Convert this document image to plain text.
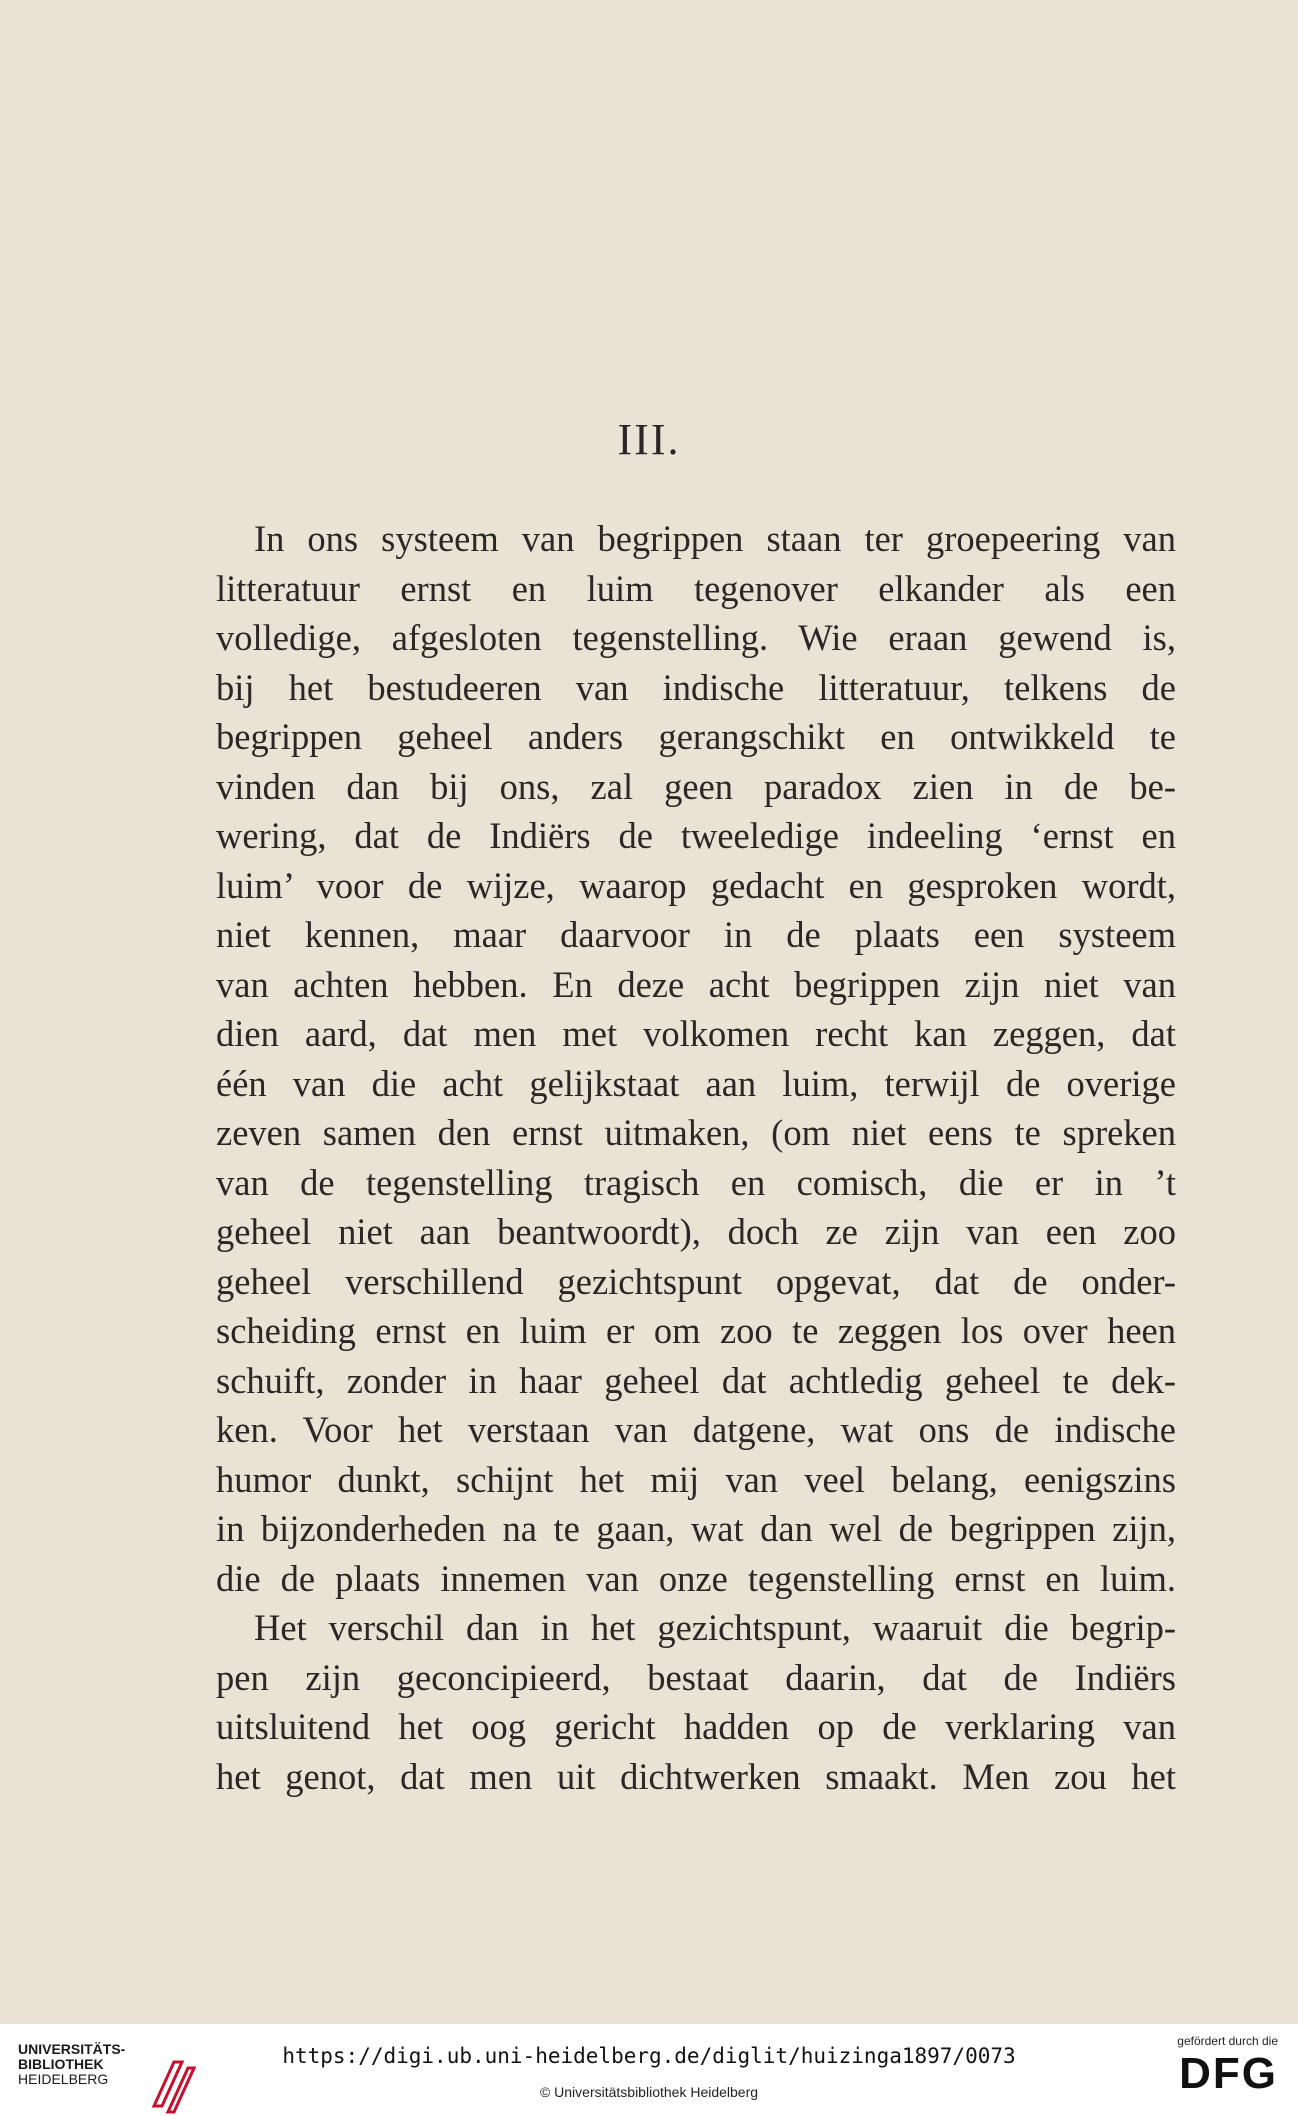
III.
In ons systeem van begrippen staan ter groepeering van
litteratuur ernst en luim tegenover elkander als een
volledige, afgesloten tegenstelling. Wie eraan gewend is,
bij het bestudeeren van indische litteratuur, telkens de
begrippen geheel anders gerangschikt en ontwikkeld te
vinden dan bij ons, zal geen paradox zien in de be-
wering, dat de Indiërs de tweeledige indeeling ‘ernst en
luim’ voor de wijze, waarop gedacht en gesproken wordt,
niet kennen, maar daarvoor in de plaats een systeem
van achten hebben. En deze acht begrippen zijn niet van
dien aard, dat men met volkomen recht kan zeggen, dat
één van die acht gelijkstaat aan luim, terwijl de overige
zeven samen den ernst uitmaken, (om niet eens te spreken
van de tegenstelling tragisch en comisch, die er in ’t
geheel niet aan beantwoordt), doch ze zijn van een zoo
geheel verschillend gezichtspunt opgevat, dat de onder-
scheiding ernst en luim er om zoo te zeggen los over heen
schuift, zonder in haar geheel dat achtledig geheel te dek-
ken. Voor het verstaan van datgene, wat ons de indische
humor dunkt, schijnt het mij van veel belang, eenigszins
in bijzonderheden na te gaan, wat dan wel de begrippen zijn,
die de plaats innemen van onze tegenstelling ernst en luim.
Het verschil dan in het gezichtspunt, waaruit die begrip-
pen zijn geconcipieerd, bestaat daarin, dat de Indiërs
uitsluitend het oog gericht hadden op de verklaring van
het genot, dat men uit dichtwerken smaakt. Men zou het
UNIVERSITÄTS-
BIBLIOTHEK
HEIDELBERG
https://digi.ub.uni-heidelberg.de/diglit/huizinga1897/0073
© Universitätsbibliothek Heidelberg
gefördert durch die
DFG
